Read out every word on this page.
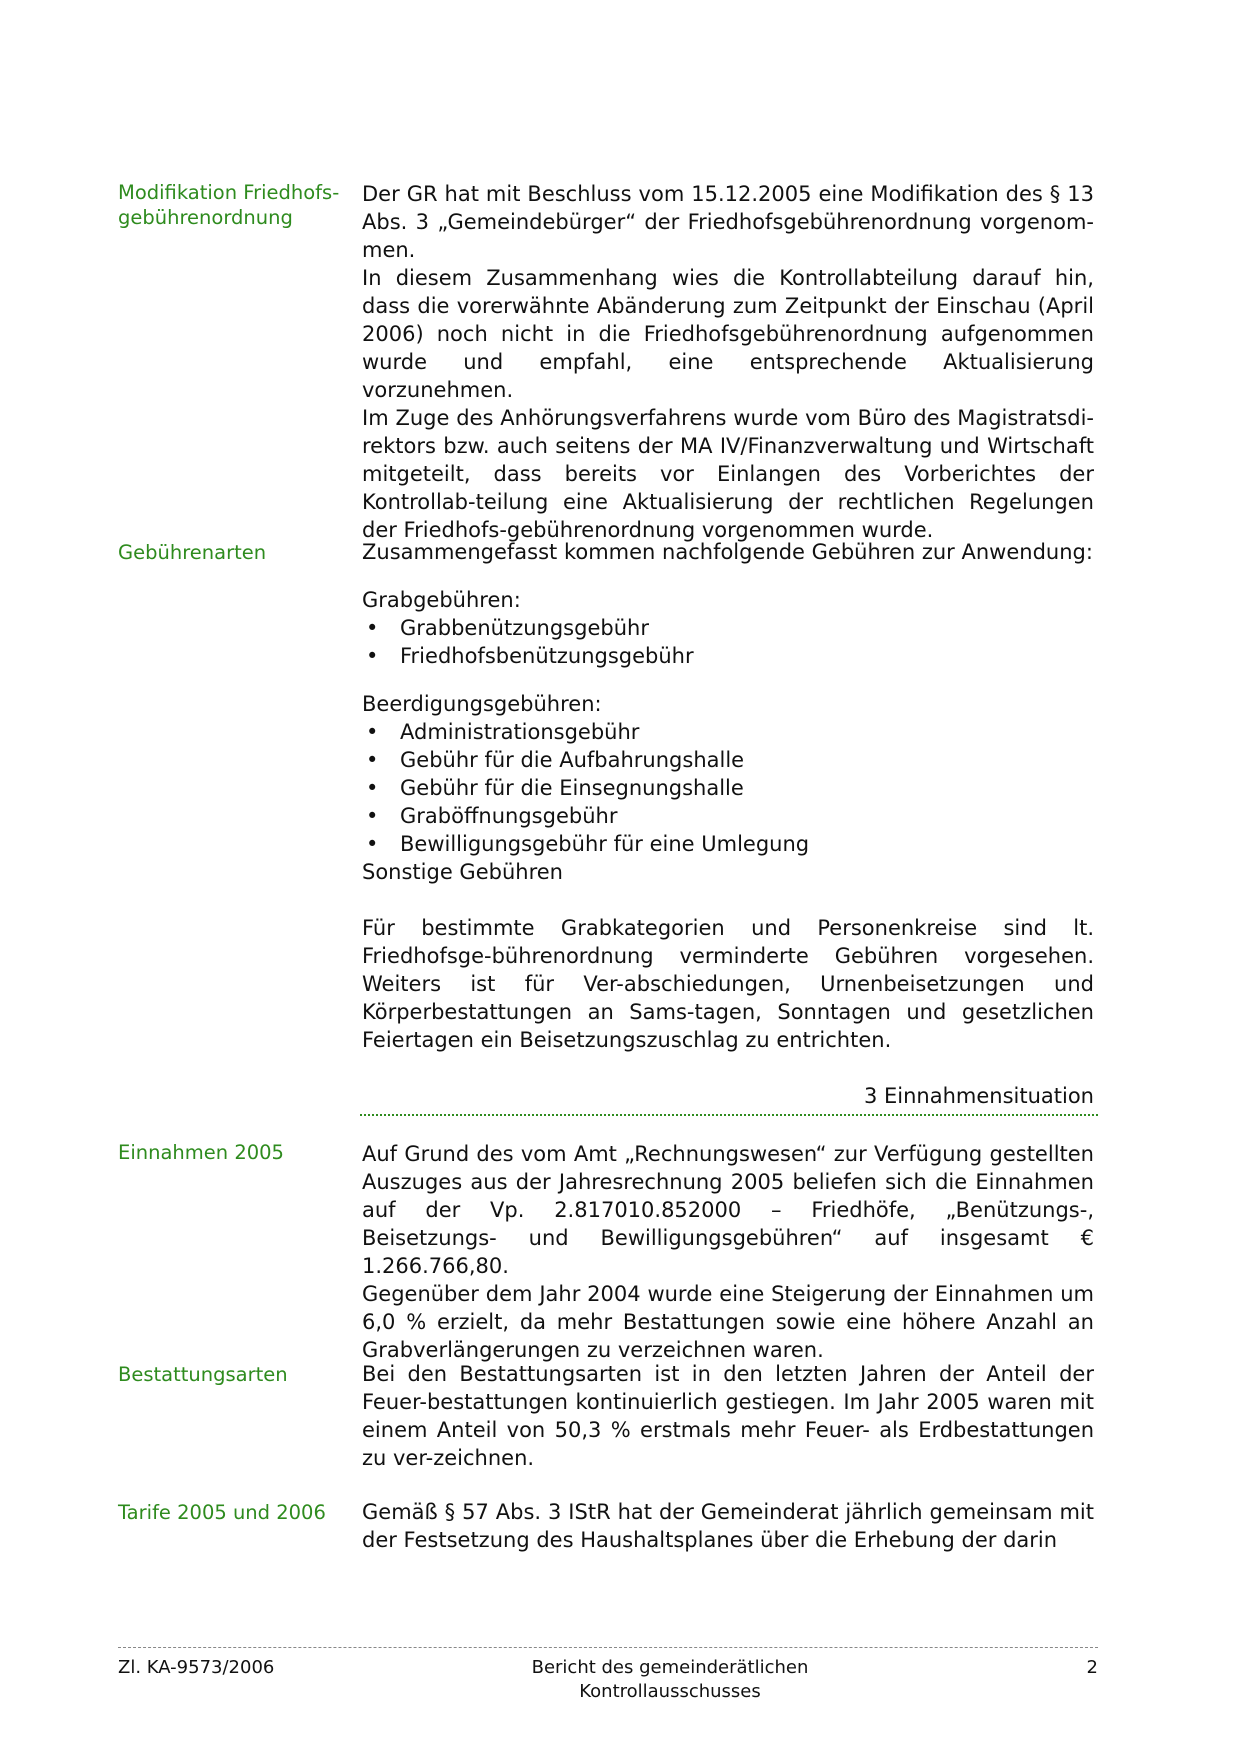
Modifikation Friedhofs-gebührenordnung

Der GR hat mit Beschluss vom 15.12.2005 eine Modifikation des § 13 Abs. 3 „Gemeindebürger“ der Friedhofsgebührenordnung vorgenom-men.

In diesem Zusammenhang wies die Kontrollabteilung darauf hin, dass die vorerwähnte Abänderung zum Zeitpunkt der Einschau (April 2006) noch nicht in die Friedhofsgebührenordnung aufgenommen wurde und empfahl, eine entsprechende Aktualisierung vorzunehmen.

Im Zuge des Anhörungsverfahrens wurde vom Büro des Magistratsdi-rektors bzw. auch seitens der MA IV/Finanzverwaltung und Wirtschaft mitgeteilt, dass bereits vor Einlangen des Vorberichtes der Kontrollab-teilung eine Aktualisierung der rechtlichen Regelungen der Friedhofs-gebührenordnung vorgenommen wurde.

Gebührenarten	Zusammengefasst kommen nachfolgende Gebühren zur Anwendung:

Grabgebühren:

• Grabbenützungsgebühr
• Friedhofsbenützungsgebühr

Beerdigungsgebühren:

• Administrationsgebühr
• Gebühr für die Aufbahrungshalle
• Gebühr für die Einsegnungshalle
• Graböffnungsgebühr
• Bewilligungsgebühr für eine Umlegung

Sonstige Gebühren

Für bestimmte Grabkategorien und Personenkreise sind lt. Friedhofsge-bührenordnung verminderte Gebühren vorgesehen. Weiters ist für Ver-abschiedungen, Urnenbeisetzungen und Körperbestattungen an Sams-tagen, Sonntagen und gesetzlichen Feiertagen ein Beisetzungszuschlag zu entrichten.

3 Einnahmensituation
Einnahmen 2005	Auf Grund des vom Amt „Rechnungswesen“ zur Verfügung gestellten Auszuges aus der Jahresrechnung 2005 beliefen sich die Einnahmen auf der Vp. 2.817010.852000 – Friedhöfe, „Benützungs-, Beisetzungs- und Bewilligungsgebühren“ auf insgesamt € 1.266.766,80.

Gegenüber dem Jahr 2004 wurde eine Steigerung der Einnahmen um 6,0 % erzielt, da mehr Bestattungen sowie eine höhere Anzahl an Grabverlängerungen zu verzeichnen waren.

Bestattungsarten	Bei den Bestattungsarten ist in den letzten Jahren der Anteil der Feuer-bestattungen kontinuierlich gestiegen. Im Jahr 2005 waren mit einem Anteil von 50,3 % erstmals mehr Feuer- als Erdbestattungen zu ver-zeichnen.

Tarife 2005 und 2006	Gemäß § 57 Abs. 3 IStR hat der Gemeinderat jährlich gemeinsam mit der Festsetzung des Haushaltsplanes über die Erhebung der darin

Zl. KA-9573/2006	Bericht des gemeinderätlichen Kontrollausschusses
2
